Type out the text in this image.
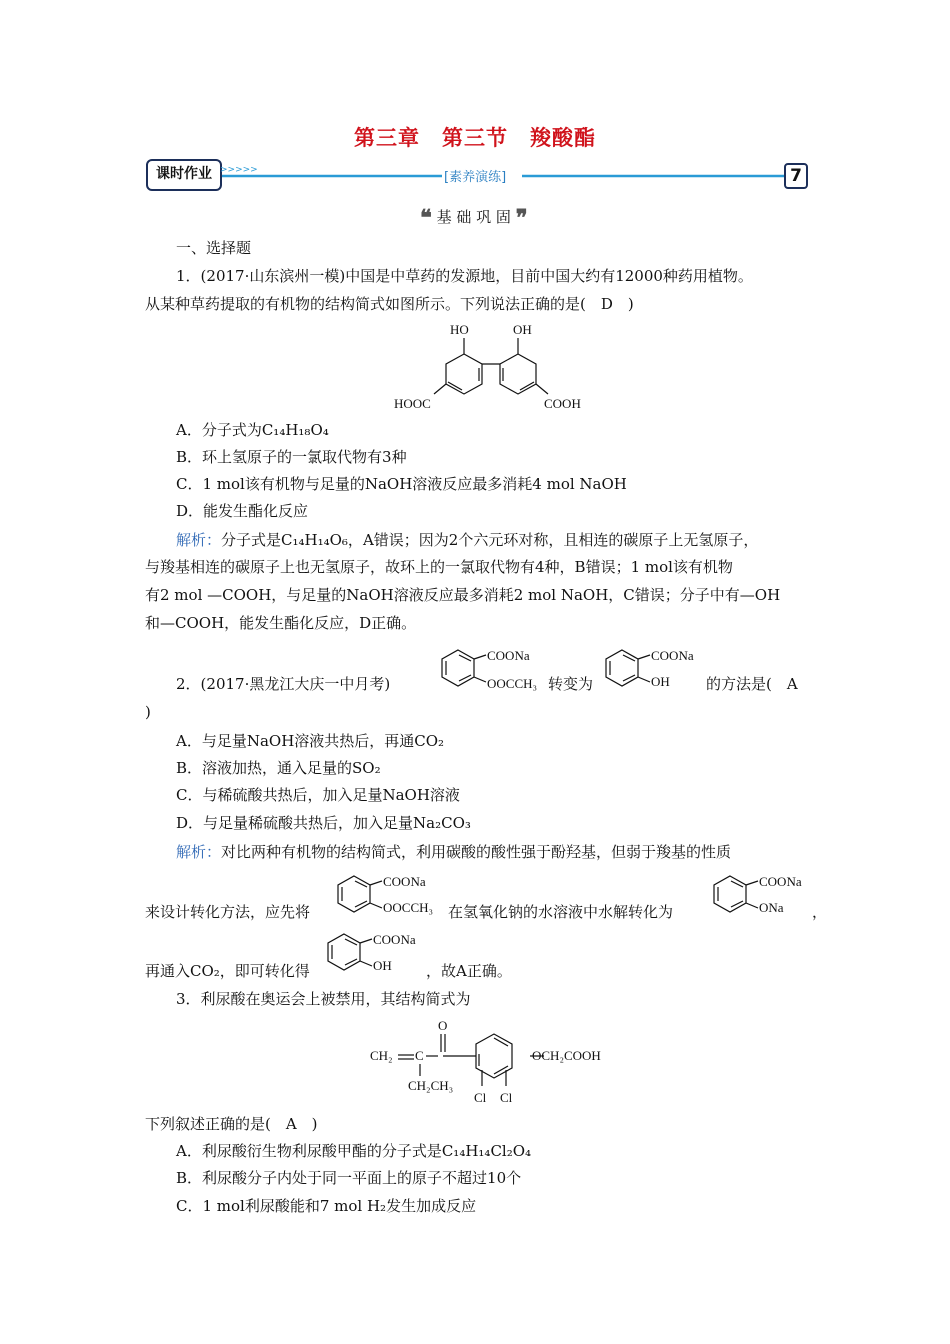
第三章　第三节　羧酸酯
课时作业 >>>>>	[素养演练]	7
❝ 基 础 巩 固 ❞
一、选择题
1．(2017·山东滨州一模)中国是中草药的发源地，目前中国大约有12000种药用植物。
从某种草药提取的有机物的结构简式如图所示。下列说法正确的是(　D　)
HO	OH
HOOC	COOH
A．分子式为C₁₄H₁₈O₄
B．环上氢原子的一氯取代物有3种
C．1 mol该有机物与足量的NaOH溶液反应最多消耗4 mol NaOH
D．能发生酯化反应
解析：分子式是C₁₄H₁₄O₆，A错误；因为2个六元环对称，且相连的碳原子上无氢原子，
与羧基相连的碳原子上也无氢原子，故环上的一氯取代物有4种，B错误；1 mol该有机物
有2 mol —COOH，与足量的NaOH溶液反应最多消耗2 mol NaOH，C错误；分子中有—OH
和—COOH，能发生酯化反应，D正确。
2．(2017·黑龙江大庆一中月考)
COONa
OOCCH₃ 转变为
COONa
OH 的方法是(　A
)
A．与足量NaOH溶液共热后，再通CO₂
B．溶液加热，通入足量的SO₂
C．与稀硫酸共热后，加入足量NaOH溶液
D．与足量稀硫酸共热后，加入足量Na₂CO₃
解析：对比两种有机物的结构简式，利用碳酸的酸性强于酚羟基，但弱于羧基的性质
来设计转化方法，应先将
COONa
OOCCH₃ 在氢氧化钠的水溶液中水解转化为
COONa
ONa ，
再通入CO₂，即可转化得
COONa
OH ，故A正确。
3．利尿酸在奥运会上被禁用，其结构简式为
CH₂ C
O
CH₂CH₃
OCH₂COOH
Cl Cl
下列叙述正确的是(　A　)
A．利尿酸衍生物利尿酸甲酯的分子式是C₁₄H₁₄Cl₂O₄
B．利尿酸分子内处于同一平面上的原子不超过10个
C．1 mol利尿酸能和7 mol H₂发生加成反应
